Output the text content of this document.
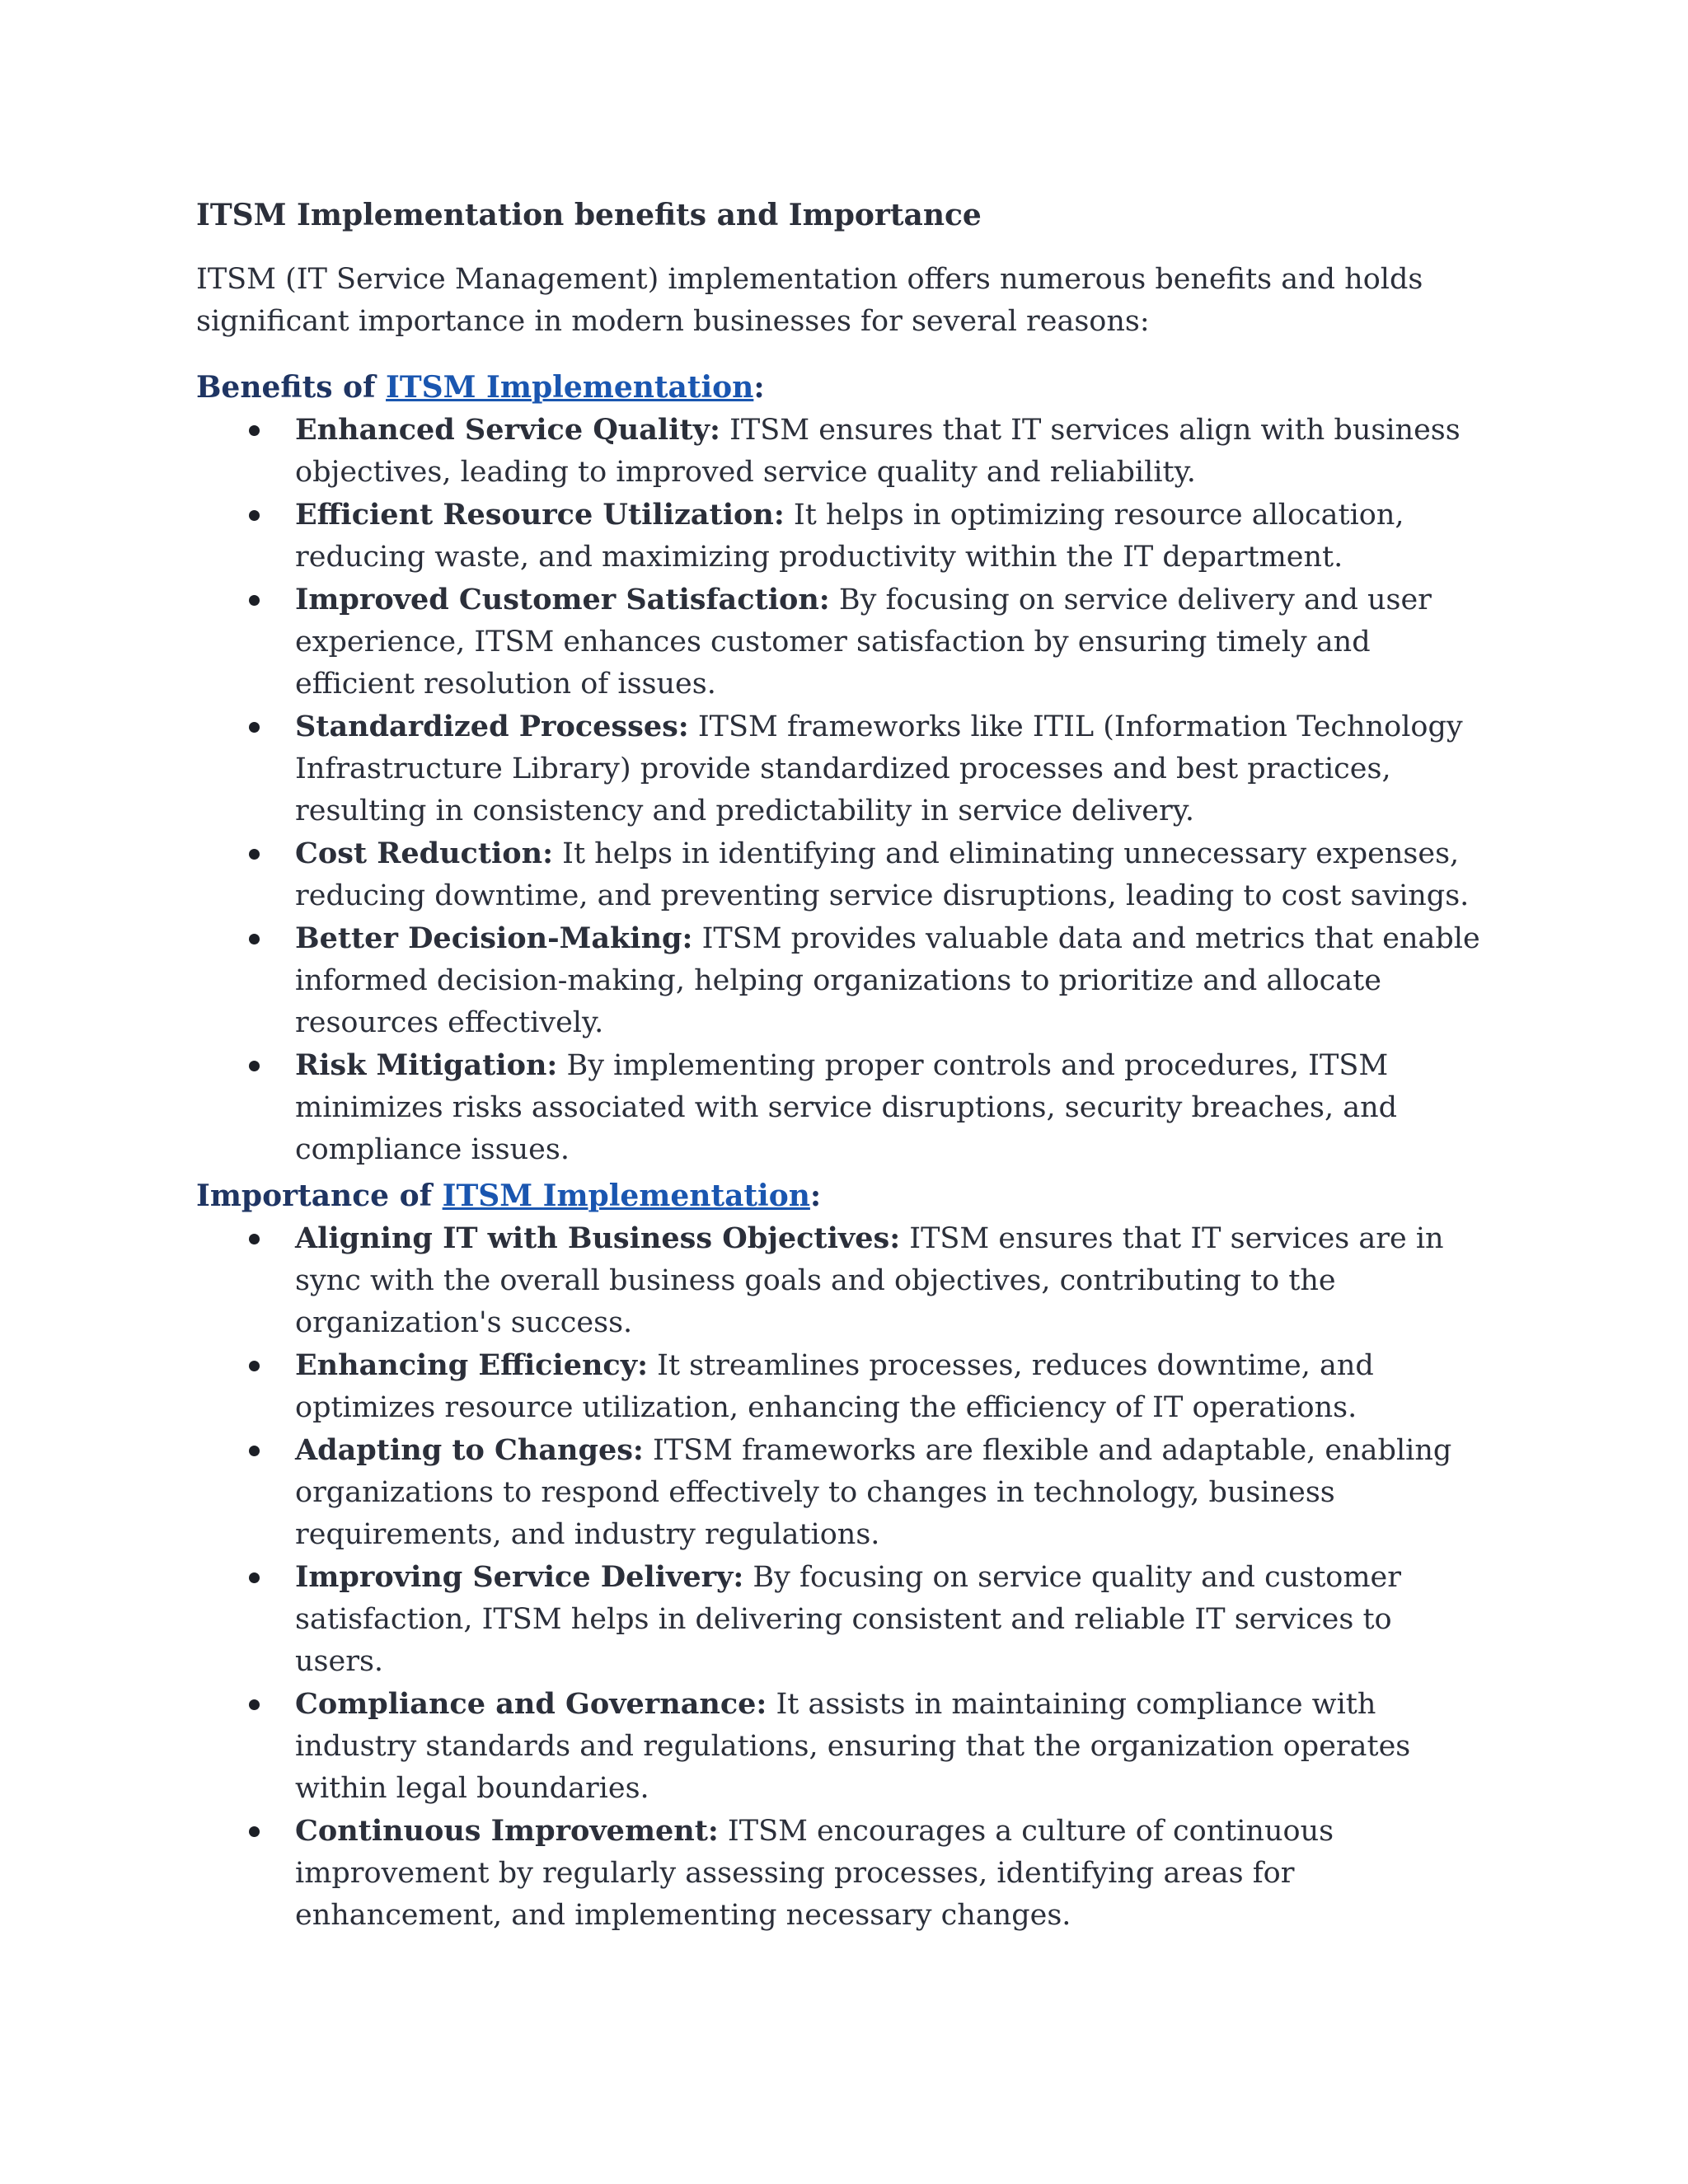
ITSM Implementation benefits and Importance

ITSM (IT Service Management) implementation offers numerous benefits and holds significant importance in modern businesses for several reasons:

Benefits of ITSM Implementation:
Enhanced Service Quality: ITSM ensures that IT services align with business objectives, leading to improved service quality and reliability.
Efficient Resource Utilization: It helps in optimizing resource allocation, reducing waste, and maximizing productivity within the IT department.
Improved Customer Satisfaction: By focusing on service delivery and user experience, ITSM enhances customer satisfaction by ensuring timely and efficient resolution of issues.
Standardized Processes: ITSM frameworks like ITIL (Information Technology Infrastructure Library) provide standardized processes and best practices, resulting in consistency and predictability in service delivery.
Cost Reduction: It helps in identifying and eliminating unnecessary expenses, reducing downtime, and preventing service disruptions, leading to cost savings.
Better Decision-Making: ITSM provides valuable data and metrics that enable informed decision-making, helping organizations to prioritize and allocate resources effectively.
Risk Mitigation: By implementing proper controls and procedures, ITSM minimizes risks associated with service disruptions, security breaches, and compliance issues.
Importance of ITSM Implementation:
Aligning IT with Business Objectives: ITSM ensures that IT services are in sync with the overall business goals and objectives, contributing to the organization's success.
Enhancing Efficiency: It streamlines processes, reduces downtime, and optimizes resource utilization, enhancing the efficiency of IT operations.
Adapting to Changes: ITSM frameworks are flexible and adaptable, enabling organizations to respond effectively to changes in technology, business requirements, and industry regulations.
Improving Service Delivery: By focusing on service quality and customer satisfaction, ITSM helps in delivering consistent and reliable IT services to users.
Compliance and Governance: It assists in maintaining compliance with industry standards and regulations, ensuring that the organization operates within legal boundaries.
Continuous Improvement: ITSM encourages a culture of continuous improvement by regularly assessing processes, identifying areas for enhancement, and implementing necessary changes.
